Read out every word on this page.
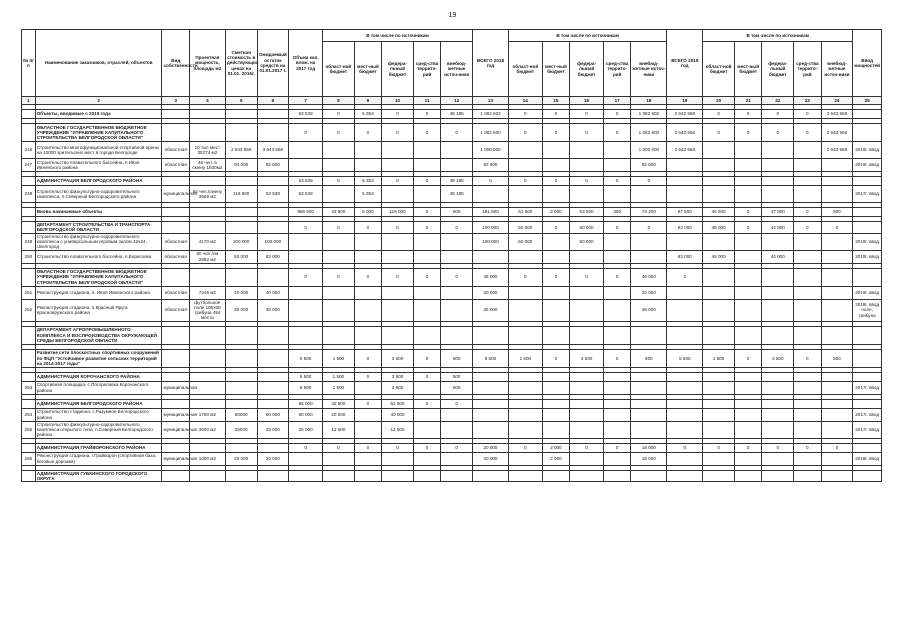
19
№ п/п	Наименование заказчиков, отраслей, объектов	Вид собственности	Проектная мощность, площадь м2	Сметная стоимость в действующих ценах на 01.01. 2016г.	Ожидаемый остаток средств на 01.01.2017 г.	Объем кап. влож. на 2017 год	В том числе по источникам					ВСЕГО 2018 год	В том числе по источникам					ВСЕГО 2019 год	В том числе по источникам					Ввод мощностей
							област-ной бюджет	мест-ный бюджет	федера-льный бюджет	сред-ства террито-рий	внебюд-жетные источ-ники		област-ной бюджет	мест-ный бюджет	федера-льный бюджет	сред-ства террито-рий	внебюд-жетные источ-ники		област-ной бюджет	мест-ный бюджет	федера-льный бюджет	сред-ства террито-рий	внебюд-жетные источ-ники	
1	2	3	4	5	6	7	8	9	10	11	12	13	14	15	16	17	18	19	20	21	22	23	24	25

	Объекты, вводимые с 2019 года					53 538	0	5 353	0	0	48 185	1 082 602	0	0	0	0	1 082 602	2 643 556	0	0	0	0	2 643 556	

	ОБЛАСТНОЕ ГОСУДАРСТВЕННОЕ БЮДЖЕТНОЕ УЧРЕЖДЕНИЕ "УПРАВЛЕНИЕ КАПИТАЛЬНОГО СТРОИТЕЛЬСТВА БЕЛГОРОДСКОЙ ОБЛАСТИ"					0	0	0	0	0	0	1 082 600	0	0	0	0	1 082 600	2 643 556	0	0	0	0	2 643 556	
246	Строительство многофункциональной спортивной арены на 10000 зрительских мест в городе Белгороде	областная	10 тыс.мест 35274 м2	2 643 556	3 643 556							1 000 000					1 000 000	2 643 556					2 643 556	2019г. ввод
247	Строительство плавательного бассейна, п.Ивня Ивнянского района	областная	48 чел. в смену 1930м2	94 000	82 600							82 600					82 600							2019г. ввод

	АДМИНИСТРАЦИЯ БЕЛГОРОДСКОГО РАЙОНА					53 538	0	5 353	0	0	48 185	0	0	0	0	0	0							
248	Строительство физкультурно-оздоровительного комплекса, п.Северный Белгородского района	муниципальная	64 чел./смену 3569 м2	116 900	53 538	53 538		5 353			48 185													2017г. ввод

	Вновь начинаемые объекты					955 500	43 800	6 000	115 000	0	500	191 500	61 600	2 000	53 500	300	74 200	97 500	46 500	0	47 000	0	500	

	ДЕПАРТАМЕНТ СТРОИТЕЛЬСТВА И ТРАНСПОРТА БЕЛГОРОДСКОЙ ОБЛАСТИ					0	0	0	0	0	0	100 000	50 000	0	50 000	0	0	92 000	48 000	0	44 000	0	0	
249	Строительство физкультурно-оздоровительного комплекса с универсальным игровым залом 42х24, г.Белгород	областная	4170 м2	100 000	100 000							100 000	50 000		50 000									2018г. ввод
250	Строительство плавательного бассейна, п.Борисовка	областная	50 чел./см 2882 м2	92 000	92 000													92 000	48 000		44 000			2019г. ввод

	ОБЛАСТНОЕ ГОСУДАРСТВЕННОЕ БЮДЖЕТНОЕ УЧРЕЖДЕНИЕ "УПРАВЛЕНИЕ КАПИТАЛЬНОГО СТРОИТЕЛЬСТВА БЕЛГОРОДСКОЙ ОБЛАСТИ"					0	0	0	0	0	0	46 000	0	0	0	0	46 000	0						
251	Реконструкция стадиона, п. Ивня Ивнянского района	областная	7245 м2	40 000	40 000							20 000					20 000							2019г. ввод
252	Реконструкция стадиона, п.Красный Яруга Краснояружского района	областная	футбольное поле 105х68 трибуна 494 места	30 000	30 000							26 000					26 000							2018г. ввод поле, трибуна

	ДЕПАРТАМЕНТ АГРОПРОМЫШЛЕННОГО КОМПЛЕКСА И ВОСПРОИЗВОДСТВА ОКРУЖАЮЩЕЙ СРЕДЫ БЕЛГОРОДСКОЙ ОБЛАСТИ																							

	Развитие сети плоскостных спортивных сооружений по ФЦП "Устойчивое развитие сельских территорий на 2014-2017 годы"					5 500	1 500	0	3 500	0	500	5 500	1 500	0	3 500	0	500	5 500	1 500	0	3 500	0	500	

	АДМИНИСТРАЦИЯ КОРОЧАНСКОГО РАЙОНА					5 500	1 500	0	3 500	0	500													
253	Спортивная площадка, с.Погореловка Корочанского района	муниципальная				5 500	1 500		3 500		500													2017г. ввод

	АДМИНИСТРАЦИЯ БЕЛГОРОДСКОГО РАЙОНА					85 000	32 500	0	52 500	0	0													
254	Строительство стадиона, с.Разумное Белгородского района	муниципальная	1760 м2	60000	60 000	60 000	20 000		40 000															2017г. ввод
255	Строительство физкультурно-оздоровительного комплекса открытого типа, п.Северный Белгородского района	муниципальная	3600 м2	25000	25 000	25 000	12 500		12 500															2017г. ввод

	АДМИНИСТРАЦИЯ ГРАЙВОРОНСКОГО РАЙОНА					0	0	0	0	0	0	20 000	0	2 000	0	0	18 000	0	0	0	0	0	0	
256	Реконструкция стадиона, г.Грайворон (спортивная база, беговые дорожки)	муниципальная	1000 м2	20 000	20 000							20 000		2 000			18 000							2018г. ввод

	АДМИНИСТРАЦИЯ ГУБКИНСКОГО ГОРОДСКОГО ОКРУГА																							
